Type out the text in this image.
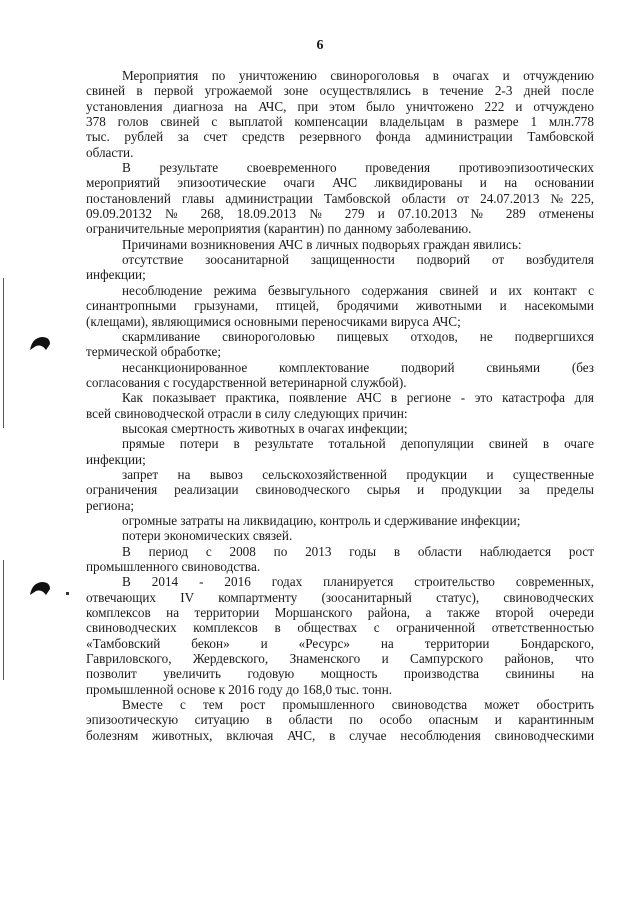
6
Мероприятия по уничтожению свиноpоголовья в очагах и отчуждению
свиней в первой угрожаемой зоне осуществлялись в течение 2-3 дней после
установления диагноза на АЧС, при этом было уничтожено 222 и отчуждено
378 голов свиней с выплатой компенсации владельцам в размере 1 млн.778
тыс. рублей за счет средств резервного фонда администрации Тамбовской
области.
В результате своевременного проведения противоэпизоотических
мероприятий эпизоотические очаги АЧС ликвидированы и на основании
постановлений главы администрации Тамбовской области от 24.07.2013 №225,
09.09.20132 № 268, 18.09.2013 № 279 и 07.10.2013 № 289 отменены
ограничительные мероприятия (карантин) по данному заболеванию.
Причинами возникновения АЧС в личных подворьях граждан явились:
отсутствие зоосанитарной защищенности подворий от возбудителя
инфекции;
несоблюдение режима безвыгульного содержания свиней и их контакт с
синантропными грызунами, птицей, бродячими животными и насекомыми
(клещами), являющимися основными переносчиками вируса АЧС;
скармливание свиноpоголовью пищевых отходов, не подвергшихся
термической обработке;
несанкционированное комплектование подворий свиньями (без
согласования с государственной ветеринарной службой).
Как показывает практика, появление АЧС в регионе - это катастрофа для
всей свиноводческой отрасли в силу следующих причин:
высокая смертность животных в очагах инфекции;
прямые потери в результате тотальной депопуляции свиней в очаге
инфекции;
запрет на вывоз сельскохозяйственной продукции и существенные
ограничения реализации свиноводческого сырья и продукции за пределы
региона;
огромные затраты на ликвидацию, контроль и сдерживание инфекции;
потери экономических связей.
В период с 2008 по 2013 годы в области наблюдается рост
промышленного свиноводства.
В 2014 - 2016 годах планируется строительство современных,
отвечающих IV компартменту (зоосанитарный статус), свиноводческих
комплексов на территории Моршанского района, а также второй очереди
свиноводческих комплексов в обществах с ограниченной ответственностью
«Тамбовский бекон» и «Ресурс» на территории Бондарского,
Гавриловского, Жердевского, Знаменского и Сампурского районов, что
позволит увеличить годовую мощность производства свинины на
промышленной основе к 2016 году до 168,0 тыс. тонн.
Вместе с тем рост промышленного свиноводства может обострить
эпизоотическую ситуацию в области по особо опасным и карантинным
болезням животных, включая АЧС, в случае несоблюдения свиноводческими
